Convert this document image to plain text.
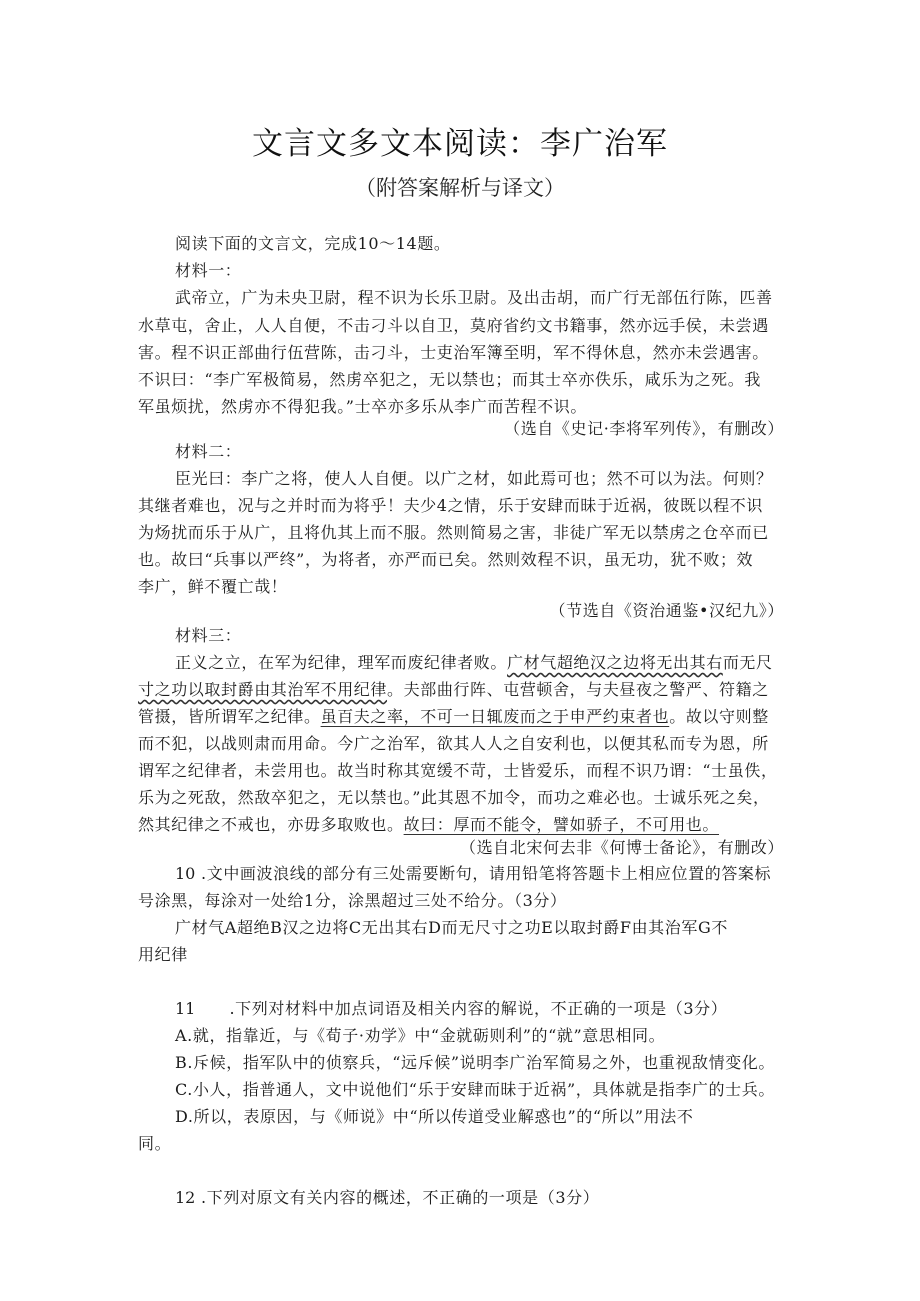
文言文多文本阅读：李广治军
（附答案解析与译文）
阅读下面的文言文，完成10～14题。
材料一：
武帝立，广为未央卫尉，程不识为长乐卫尉。及出击胡，而广行无部伍行陈，匹善
水草屯，舍止，人人自便，不击刁斗以自卫，莫府省约文书籍事，然亦远手侯，未尝遇
害。程不识正部曲行伍营陈，击刁斗，士吏治军簿至明，军不得休息，然亦未尝遇害。
不识曰：“李广军极简易，然虏卒犯之，无以禁也；而其士卒亦佚乐，咸乐为之死。我
军虽烦扰，然虏亦不得犯我。”士卒亦多乐从李广而苦程不识。
（选自《史记·李将军列传》，有删改）
材料二：
臣光曰：李广之将，使人人自便。以广之材，如此焉可也；然不可以为法。何则？
其继者难也，况与之并时而为将乎！夫少4之情，乐于安肆而昧于近祸，彼既以程不识
为炀扰而乐于从广，且将仇其上而不服。然则简易之害，非徒广军无以禁虏之仓卒而已
也。故曰“兵事以严终”，为将者，亦严而已矣。然则效程不识，虽无功，犹不败；效
李广，鲜不覆亡哉！
（节选自《资治通鉴•汉纪九》）
材料三：
正义之立，在军为纪律，理军而废纪律者败。广材气超绝汉之边将无出其右而无尺
寸之功以取封爵由其治军不用纪律。夫部曲行阵、屯营顿舍，与夫昼夜之警严、符籍之
管摄，皆所谓军之纪律。虽百夫之率，不可一日辄废而之于申严约束者也。故以守则整
而不犯，以战则肃而用命。今广之治军，欲其人人之自安利也，以便其私而专为恩，所
谓军之纪律者，未尝用也。故当时称其宽缓不苛，士皆爱乐，而程不识乃谓：“士虽佚，
乐为之死敌，然敌卒犯之，无以禁也。”此其恩不加令，而功之难必也。士诚乐死之矣，
然其纪律之不戒也，亦毋多取败也。故曰：厚而不能令，譬如骄子，不可用也。
（选自北宋何去非《何博士备论》，有删改）
10 .文中画波浪线的部分有三处需要断句，请用铅笔将答题卡上相应位置的答案标
号涂黑，每涂对一处给1分，涂黑超过三处不给分。（3分）
广材气A超绝B汉之边将C无出其右D而无尺寸之功E以取封爵F由其治军G不
用纪律
11 .下列对材料中加点词语及相关内容的解说，不正确的一项是（3分）
A.就，指靠近，与《荀子·劝学》中“金就砺则利”的“就”意思相同。
B.斥候，指军队中的侦察兵，“远斥候”说明李广治军简易之外，也重视敌情变化。
C.小人，指普通人，文中说他们“乐于安肆而昧于近祸”，具体就是指李广的士兵。
D.所以，表原因，与《师说》中“所以传道受业解惑也”的“所以”用法不
同。
12 .下列对原文有关内容的概述，不正确的一项是（3分）
